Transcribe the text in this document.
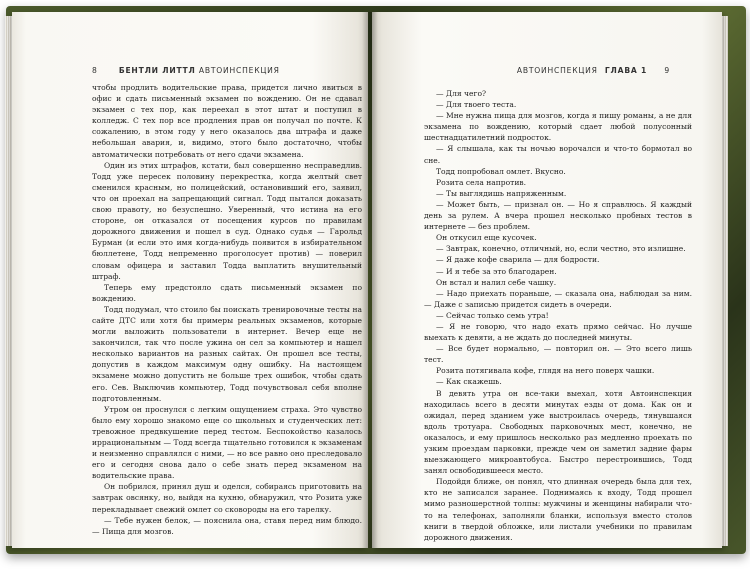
8	БЕНТЛИ ЛИТТЛ АВТОИНСПЕКЦИЯ

чтобы продлить водительские права, придется лично явиться в офис и сдать письменный экзамен по вождению. Он не сдавал экзамен с тех пор, как переехал в этот штат и поступил в колледж. С тех пор все продления прав он получал по почте. К сожалению, в этом году у него оказалось два штрафа и даже небольшая авария, и, видимо, этого было достаточно, чтобы автоматически потребовать от него сдачи экзамена.

Один из этих штрафов, кстати, был совершенно несправедлив. Тодд уже пересек половину перекрестка, когда желтый свет сменился красным, но полицейский, остановивший его, заявил, что он проехал на запрещающий сигнал. Тодд пытался доказать свою правоту, но безуспешно. Уверенный, что истина на его стороне, он отказался от посещения курсов по правилам дорожного движения и пошел в суд. Однако судья — Гарольд Бурман (и если это имя когда-нибудь появится в избирательном бюллетене, Тодд непременно проголосует против) — поверил словам офицера и заставил Тодда выплатить внушительный штраф.

Теперь ему предстояло сдать письменный экзамен по вождению.

Тодд подумал, что стоило бы поискать тренировочные тесты на сайте ДТС или хотя бы примеры реальных экзаменов, которые могли выложить пользователи в интернет. Вечер еще не закончился, так что после ужина он сел за компьютер и нашел несколько вариантов на разных сайтах. Он прошел все тесты, допустив в каждом максимум одну ошибку. На настоящем экзамене можно допустить не больше трех ошибок, чтобы сдать его. Сев. Выключив компьютер, Тодд почувствовал себя вполне подготовленным.

Утром он проснулся с легким ощущением страха. Это чувство было ему хорошо знакомо еще со школьных и студенческих лет: тревожное предвкушение перед тестом. Беспокойство казалось иррациональным — Тодд всегда тщательно готовился к экзаменам и неизменно справлялся с ними, — но все равно оно преследовало его и сегодня снова дало о себе знать перед экзаменом на водительские права.

Он побрился, принял душ и оделся, собираясь приготовить на завтрак овсянку, но, выйдя на кухню, обнаружил, что Розита уже перекладывает свежий омлет со сковороды на его тарелку.

— Тебе нужен белок, — пояснила она, ставя перед ним блюдо. — Пища для мозгов.

АВТОИНСПЕКЦИЯ ГЛАВА 1 9

— Для чего?

— Для твоего теста.

— Мне нужна пища для мозгов, когда я пишу романы, а не для экзамена по вождению, который сдает любой полусонный шестнадцатилетний подросток.

— Я слышала, как ты ночью ворочался и что-то бормотал во сне.

Тодд попробовал омлет. Вкусно.

Розита села напротив.

— Ты выглядишь напряженным.

— Может быть, — признал он. — Но я справлюсь. Я каждый день за рулем. А вчера прошел несколько пробных тестов в интернете — без проблем.

Он откусил еще кусочек.

— Завтрак, конечно, отличный, но, если честно, это излишне.

— Я даже кофе сварила — для бодрости.

— И я тебе за это благодарен.

Он встал и налил себе чашку.

— Надо приехать пораньше, — сказала она, наблюдая за ним. — Даже с записью придется сидеть в очереди.

— Сейчас только семь утра!

— Я не говорю, что надо ехать прямо сейчас. Но лучше выехать к девяти, а не ждать до последней минуты.

— Все будет нормально, — повторил он. — Это всего лишь тест.

Розита потягивала кофе, глядя на него поверх чашки.

— Как скажешь.

В девять утра он все-таки выехал, хотя Автоинспекция находилась всего в десяти минутах езды от дома. Как он и ожидал, перед зданием уже выстроилась очередь, тянувшаяся вдоль тротуара. Свободных парковочных мест, конечно, не оказалось, и ему пришлось несколько раз медленно проехать по узким проездам парковки, прежде чем он заметил задние фары выезжающего микроавтобуса. Быстро перестроившись, Тодд занял освободившееся место.

Подойдя ближе, он понял, что длинная очередь была для тех, кто не записался заранее. Поднимаясь к входу, Тодд прошел мимо разношерстной толпы: мужчины и женщины набирали что-то на телефонах, заполняли бланки, используя вместо столов книги в твердой обложке, или листали учебники по правилам дорожного движения.
